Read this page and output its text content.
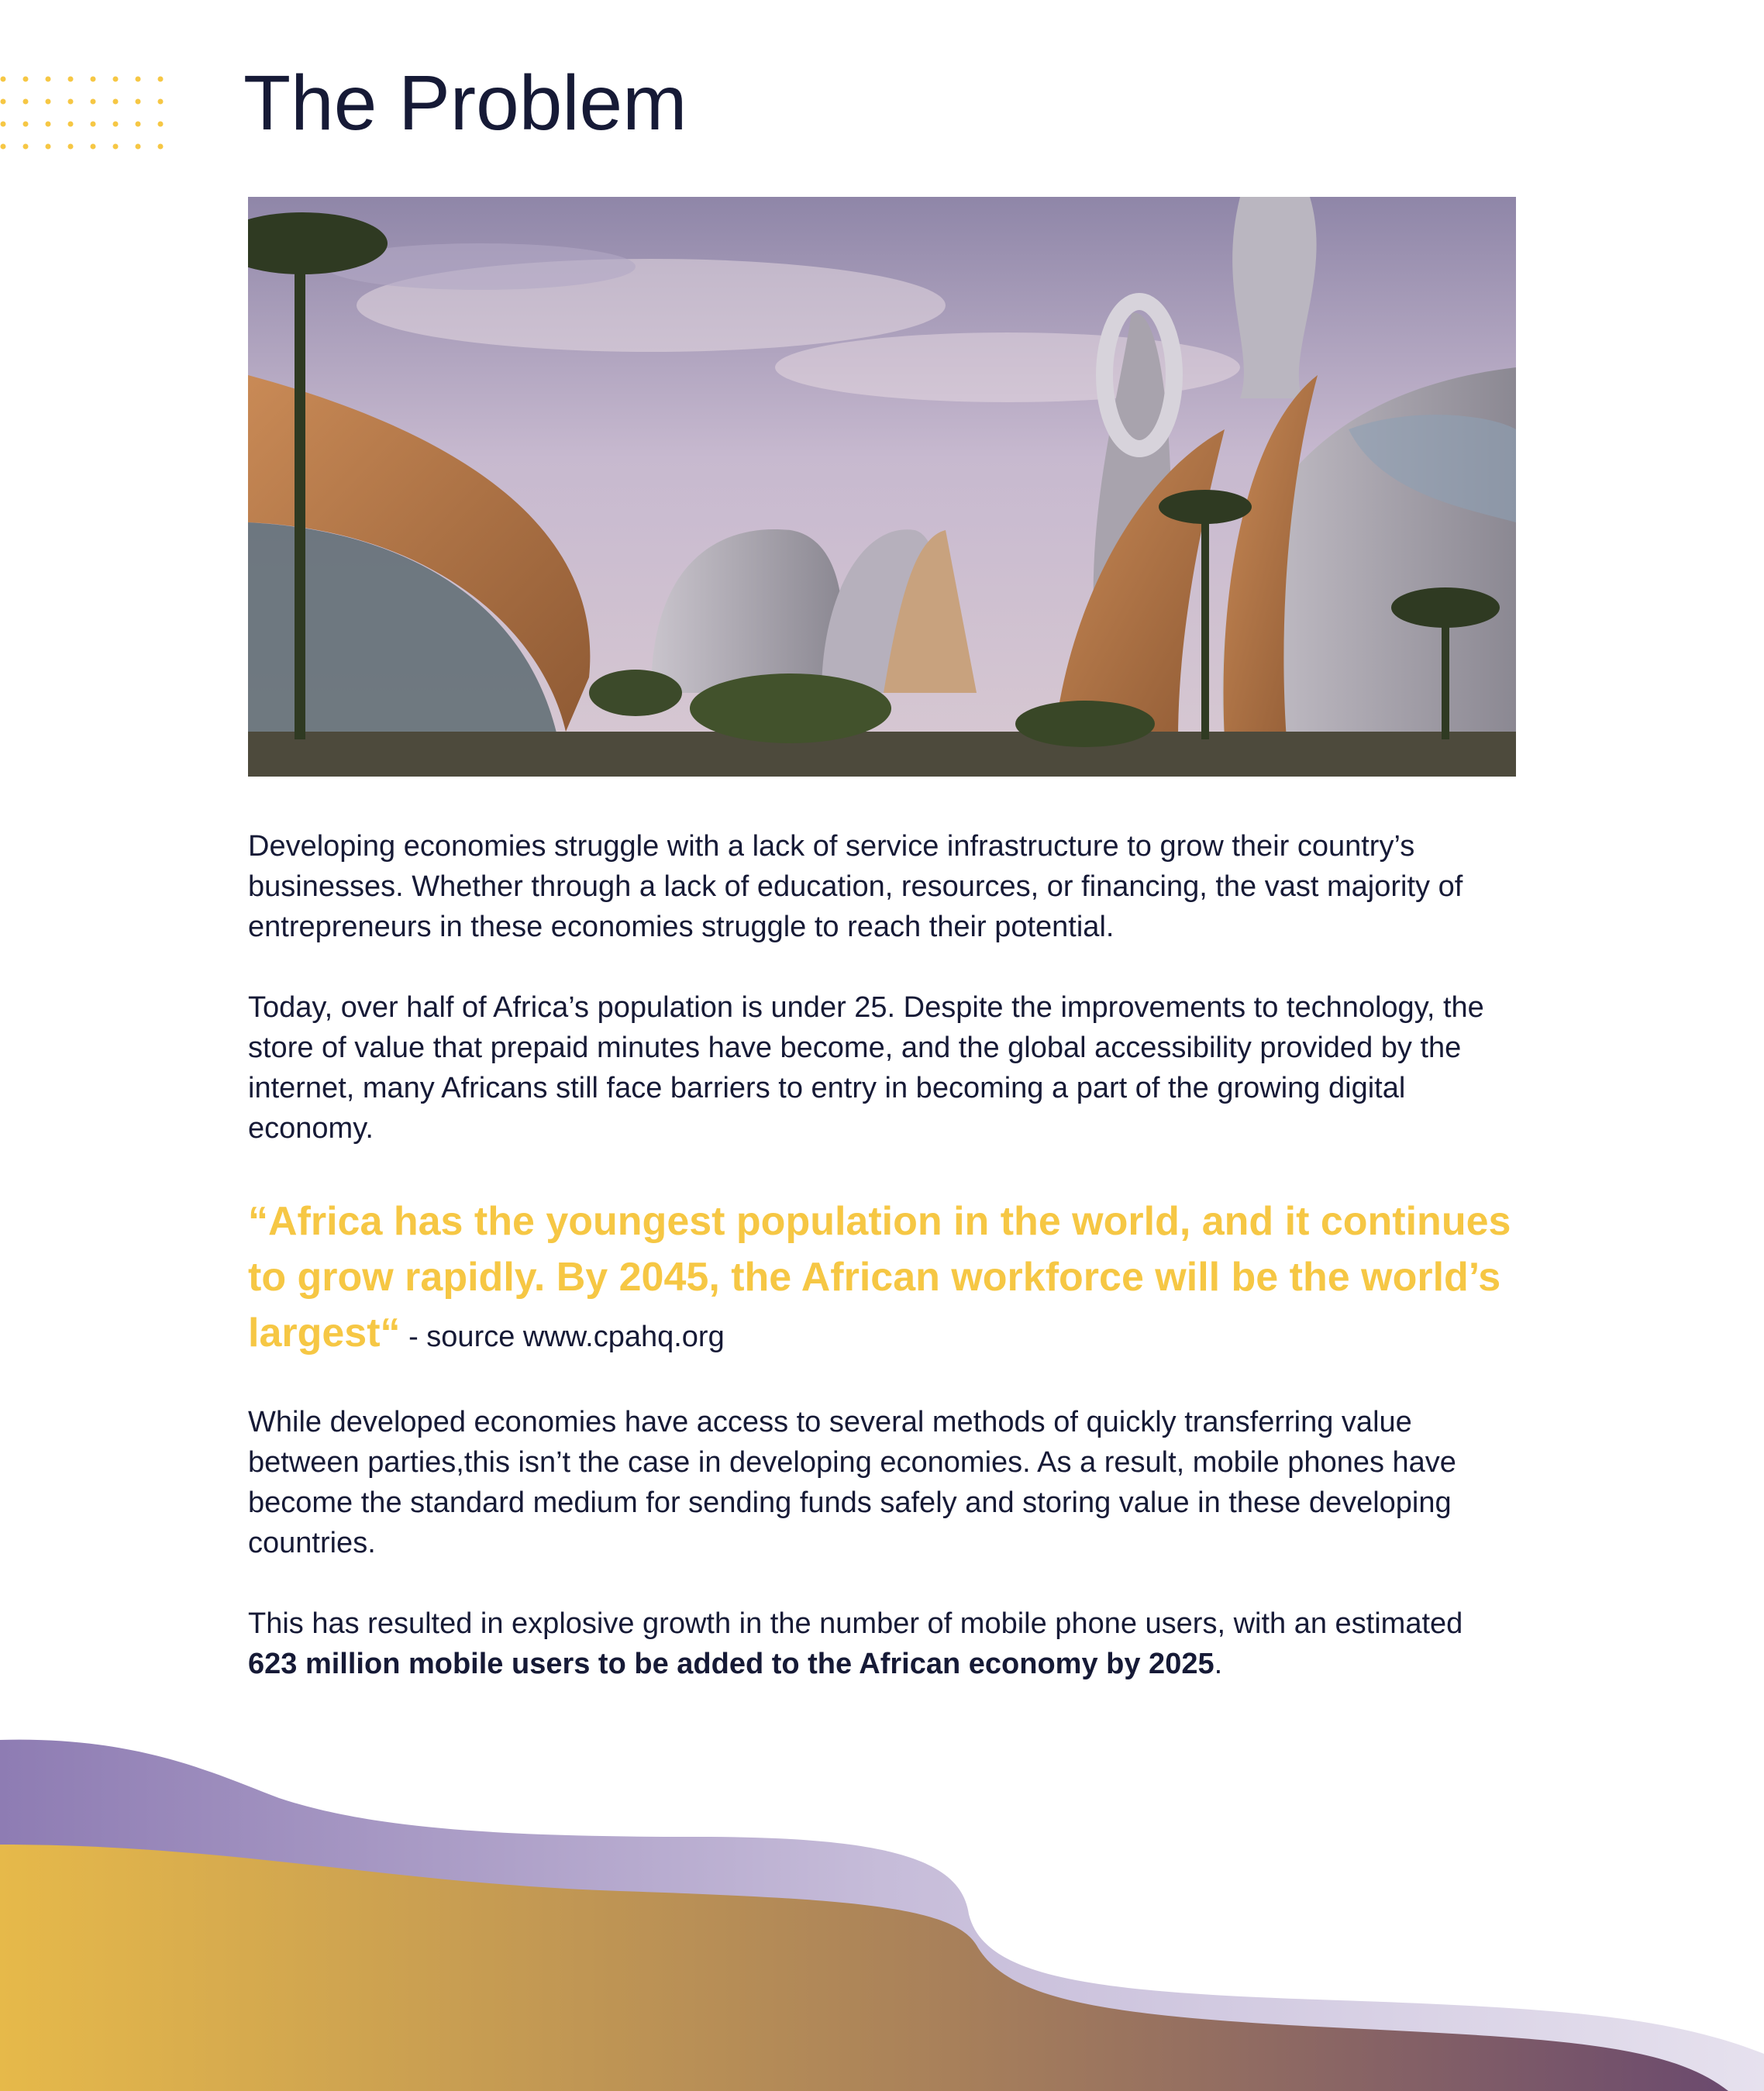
The Problem

Developing economies struggle with a lack of service infrastructure to grow their country’s businesses. Whether through a lack of education, resources, or financing, the vast majority of entrepreneurs in these economies struggle to reach their potential.

Today, over half of Africa’s population is under 25. Despite the improvements to technology, the store of value that prepaid minutes have become, and the global accessibility provided by the internet, many Africans still face barriers to entry in becoming a part of the growing digital economy.

“Africa has the youngest population in the world, and it continues to grow rapidly. By 2045, the African workforce will be the world’s largest“ - source www.cpahq.org

While developed economies have access to several methods of quickly transferring value between parties,this isn’t the case in developing economies. As a result, mobile phones have become the standard medium for sending funds safely and storing value in these developing countries.

This has resulted in explosive growth in the number of mobile phone users, with an estimated 623 million mobile users to be added to the African economy by 2025.
